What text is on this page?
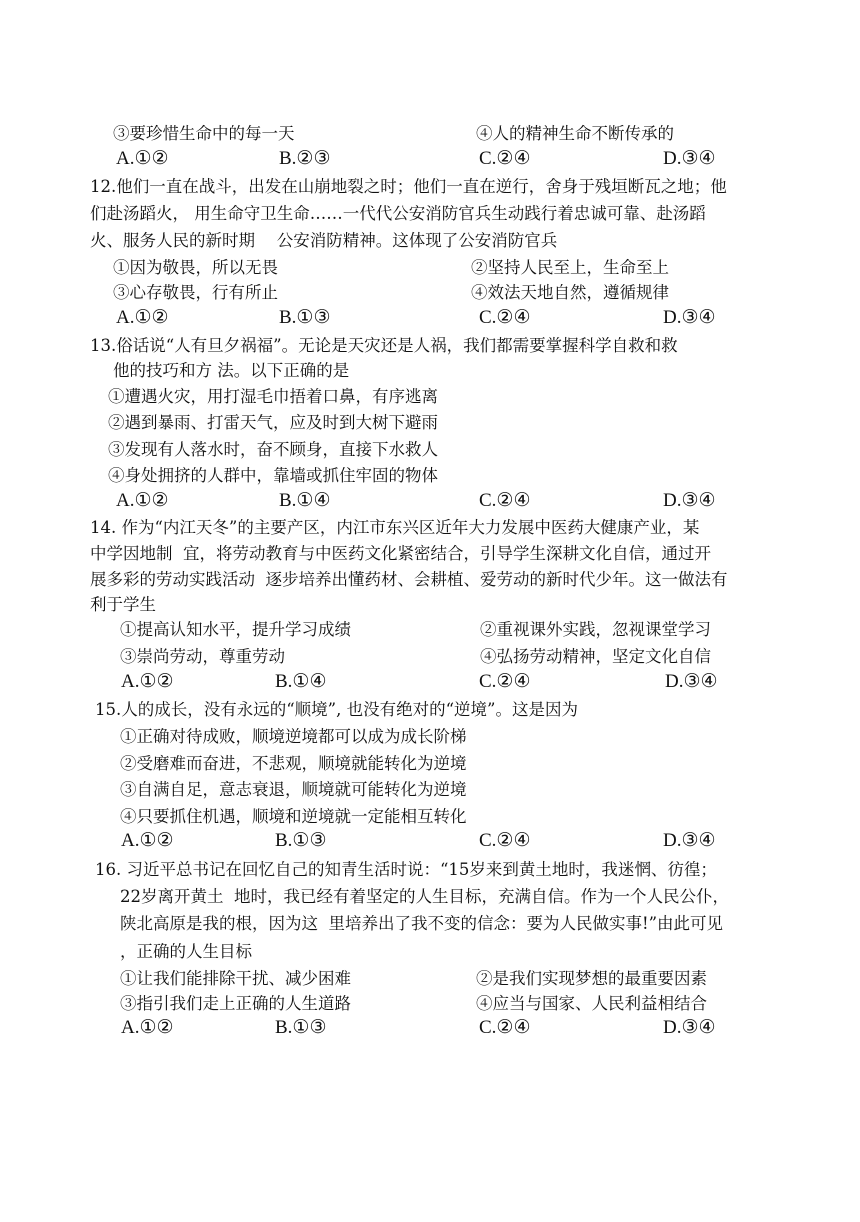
③要珍惜生命中的每一天	④人的精神生命不断传承的
A.①②	B.②③	C.②④	D.③④
12.他们一直在战斗，出发在山崩地裂之时；他们一直在逆行，舍身于残垣断瓦之地；他
们赴汤蹈火， 用生命守卫生命……一代代公安消防官兵生动践行着忠诚可靠、赴汤蹈
火、服务人民的新时期 　公安消防精神。这体现了公安消防官兵
①因为敬畏，所以无畏	②坚持人民至上，生命至上
③心存敬畏，行有所止	④效法天地自然，遵循规律
A.①②	B.①③	C.②④	D.③④
13.俗话说“人有旦夕祸福”。无论是天灾还是人祸，我们都需要掌握科学自救和救
他的技巧和方 法。以下正确的是
①遭遇火灾，用打湿毛巾捂着口鼻，有序逃离
②遇到暴雨、打雷天气，应及时到大树下避雨
③发现有人落水时，奋不顾身，直接下水救人
④身处拥挤的人群中，靠墙或抓住牢固的物体
A.①②	B.①④	C.②④	D.③④
14. 作为“内江天冬”的主要产区，内江市东兴区近年大力发展中医药大健康产业，某
中学因地制  宜，将劳动教育与中医药文化紧密结合，引导学生深耕文化自信，通过开
展多彩的劳动实践活动  逐步培养出懂药材、会耕植、爱劳动的新时代少年。这一做法有
利于学生
①提高认知水平，提升学习成绩	②重视课外实践，忽视课堂学习
③崇尚劳动，尊重劳动	④弘扬劳动精神，坚定文化自信
A.①②	B.①④	C.②④	D.③④
15.人的成长，没有永远的“顺境”, 也没有绝对的“逆境”。这是因为
①正确对待成败，顺境逆境都可以成为成长阶梯
②受磨难而奋进，不悲观，顺境就能转化为逆境
③自满自足，意志衰退，顺境就可能转化为逆境
④只要抓住机遇，顺境和逆境就一定能相互转化
A.①②	B.①③	C.②④	D.③④
16. 习近平总书记在回忆自己的知青生活时说：“15岁来到黄土地时，我迷惘、彷徨；
22岁离开黄土  地时，我已经有着坚定的人生目标，充满自信。作为一个人民公仆，
陕北高原是我的根，因为这  里培养出了我不变的信念：要为人民做实事!”由此可见
，正确的人生目标
①让我们能排除干扰、减少困难	②是我们实现梦想的最重要因素
③指引我们走上正确的人生道路	④应当与国家、人民利益相结合
A.①②	B.①③	C.②④	D.③④
